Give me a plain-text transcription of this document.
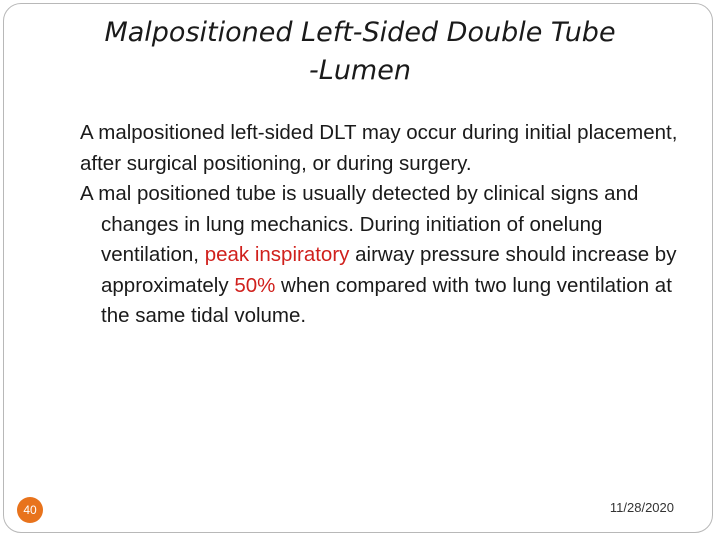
Malpositioned Left-Sided Double Tube
-Lumen

A malpositioned left-sided DLT may occur during initial placement, after surgical positioning, or during surgery.

A mal positioned tube is usually detected by clinical signs and changes in lung mechanics. During initiation of onelung ventilation, peak inspiratory airway pressure should increase by approximately 50% when compared with two lung ventilation at the same tidal volume.

40	11/28/2020
